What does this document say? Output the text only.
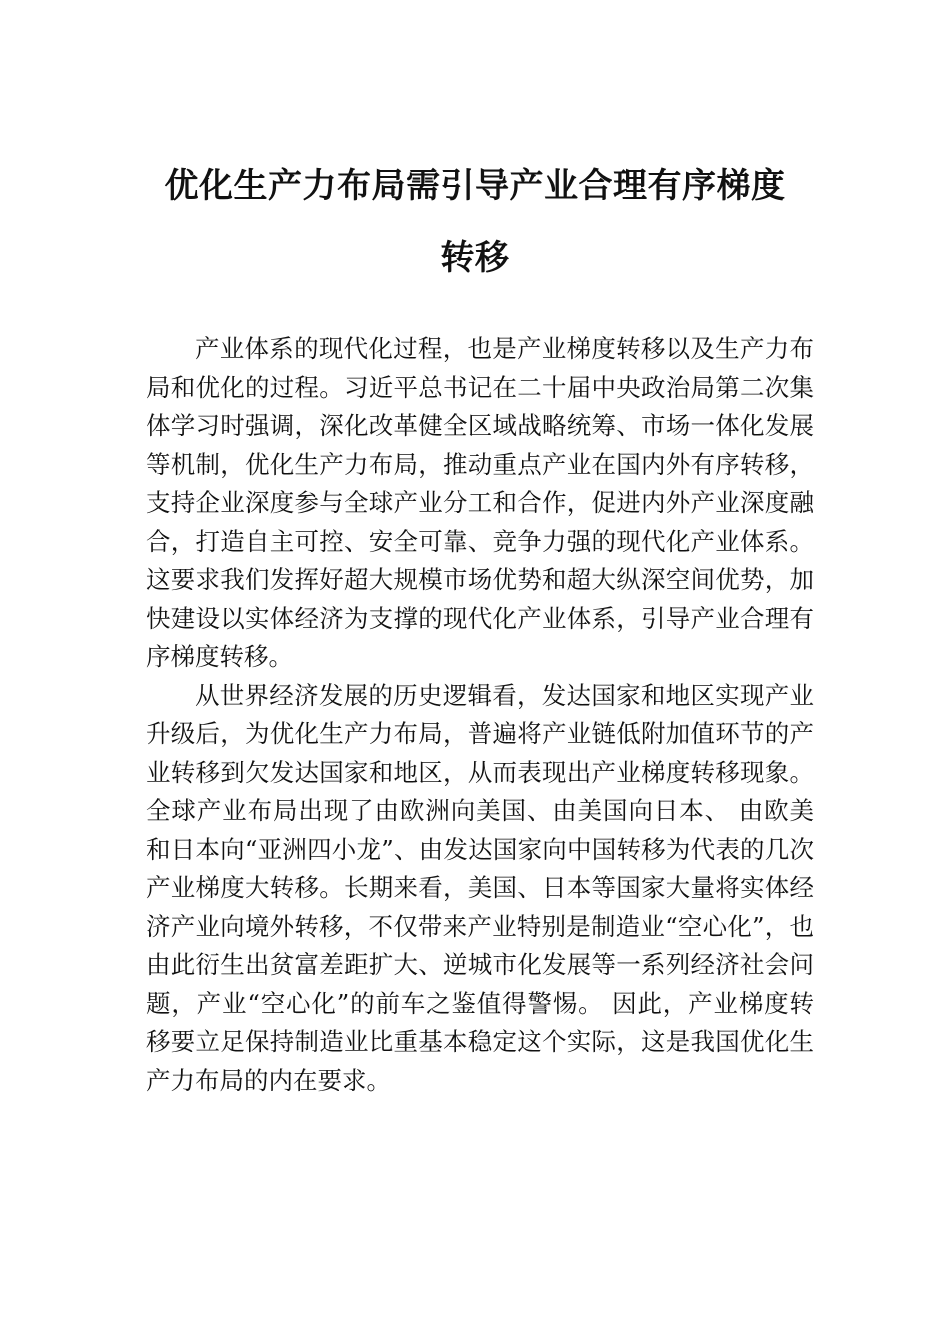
优化生产力布局需引导产业合理有序梯度转移

产业体系的现代化过程，也是产业梯度转移以及生产力布局和优化的过程。习近平总书记在二十届中央政治局第二次集体学习时强调，深化改革健全区域战略统筹、市场一体化发展等机制，优化生产力布局，推动重点产业在国内外有序转移，支持企业深度参与全球产业分工和合作，促进内外产业深度融合，打造自主可控、安全可靠、竞争力强的现代化产业体系。这要求我们发挥好超大规模市场优势和超大纵深空间优势，加快建设以实体经济为支撑的现代化产业体系，引导产业合理有序梯度转移。

从世界经济发展的历史逻辑看，发达国家和地区实现产业升级后，为优化生产力布局，普遍将产业链低附加值环节的产业转移到欠发达国家和地区，从而表现出产业梯度转移现象。全球产业布局出现了由欧洲向美国、由美国向日本、 由欧美和日本向“亚洲四小龙”、由发达国家向中国转移为代表的几次产业梯度大转移。长期来看，美国、日本等国家大量将实体经济产业向境外转移，不仅带来产业特别是制造业“空心化”，也由此衍生出贫富差距扩大、逆城市化发展等一系列经济社会问题，产业“空心化”的前车之鉴值得警惕。 因此，产业梯度转移要立足保持制造业比重基本稳定这个实际，这是我国优化生产力布局的内在要求。
